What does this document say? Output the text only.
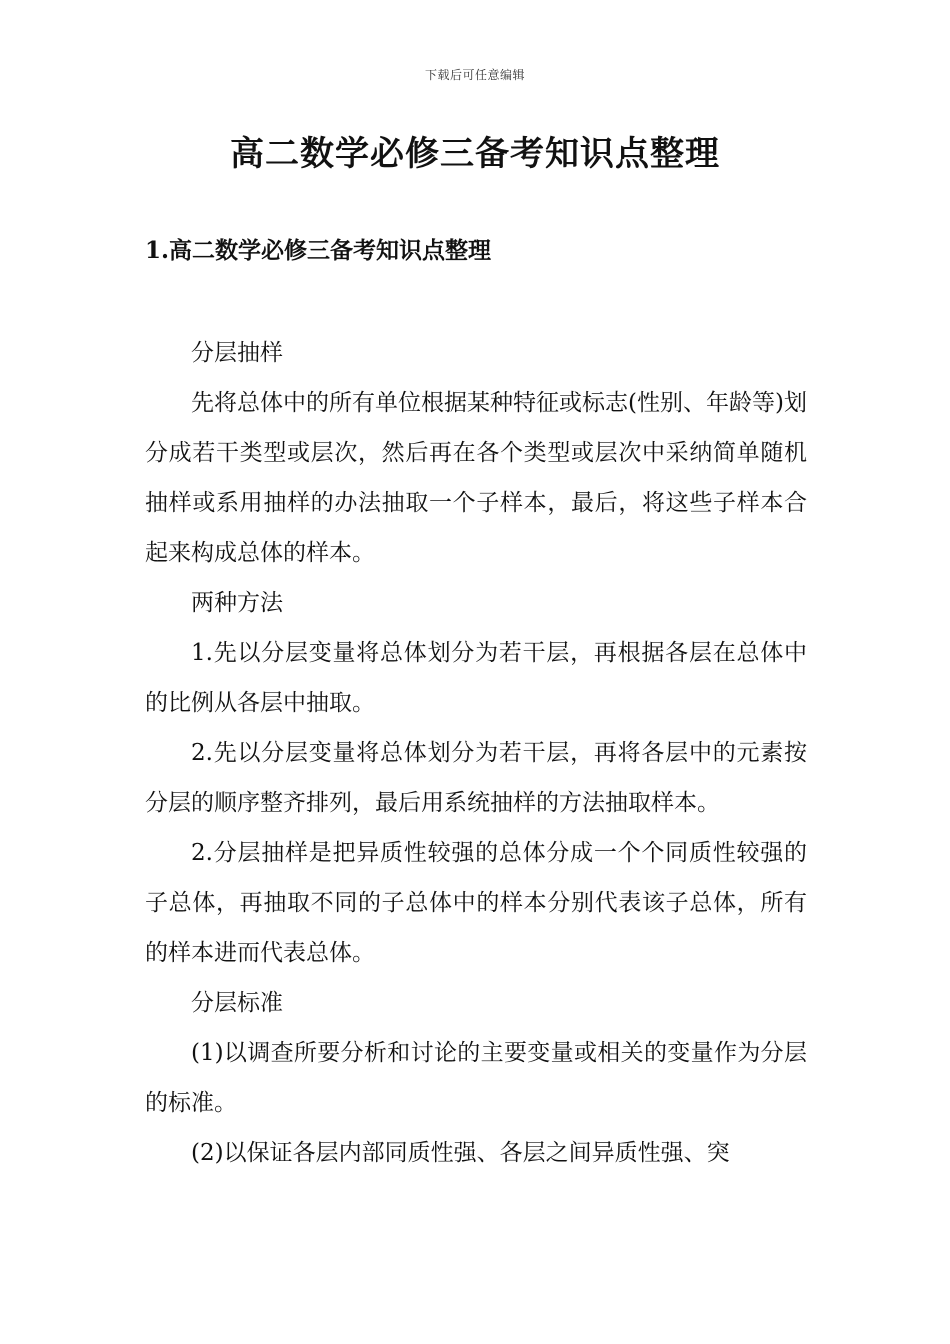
下载后可任意编辑
高二数学必修三备考知识点整理
1.高二数学必修三备考知识点整理

分层抽样

先将总体中的所有单位根据某种特征或标志(性别、年龄等)划分成若干类型或层次，然后再在各个类型或层次中采纳简单随机抽样或系用抽样的办法抽取一个子样本，最后，将这些子样本合起来构成总体的样本。

两种方法

1.先以分层变量将总体划分为若干层，再根据各层在总体中的比例从各层中抽取。

2.先以分层变量将总体划分为若干层，再将各层中的元素按分层的顺序整齐排列，最后用系统抽样的方法抽取样本。

2.分层抽样是把异质性较强的总体分成一个个同质性较强的子总体，再抽取不同的子总体中的样本分别代表该子总体，所有的样本进而代表总体。

分层标准

(1)以调查所要分析和讨论的主要变量或相关的变量作为分层的标准。

(2)以保证各层内部同质性强、各层之间异质性强、突
